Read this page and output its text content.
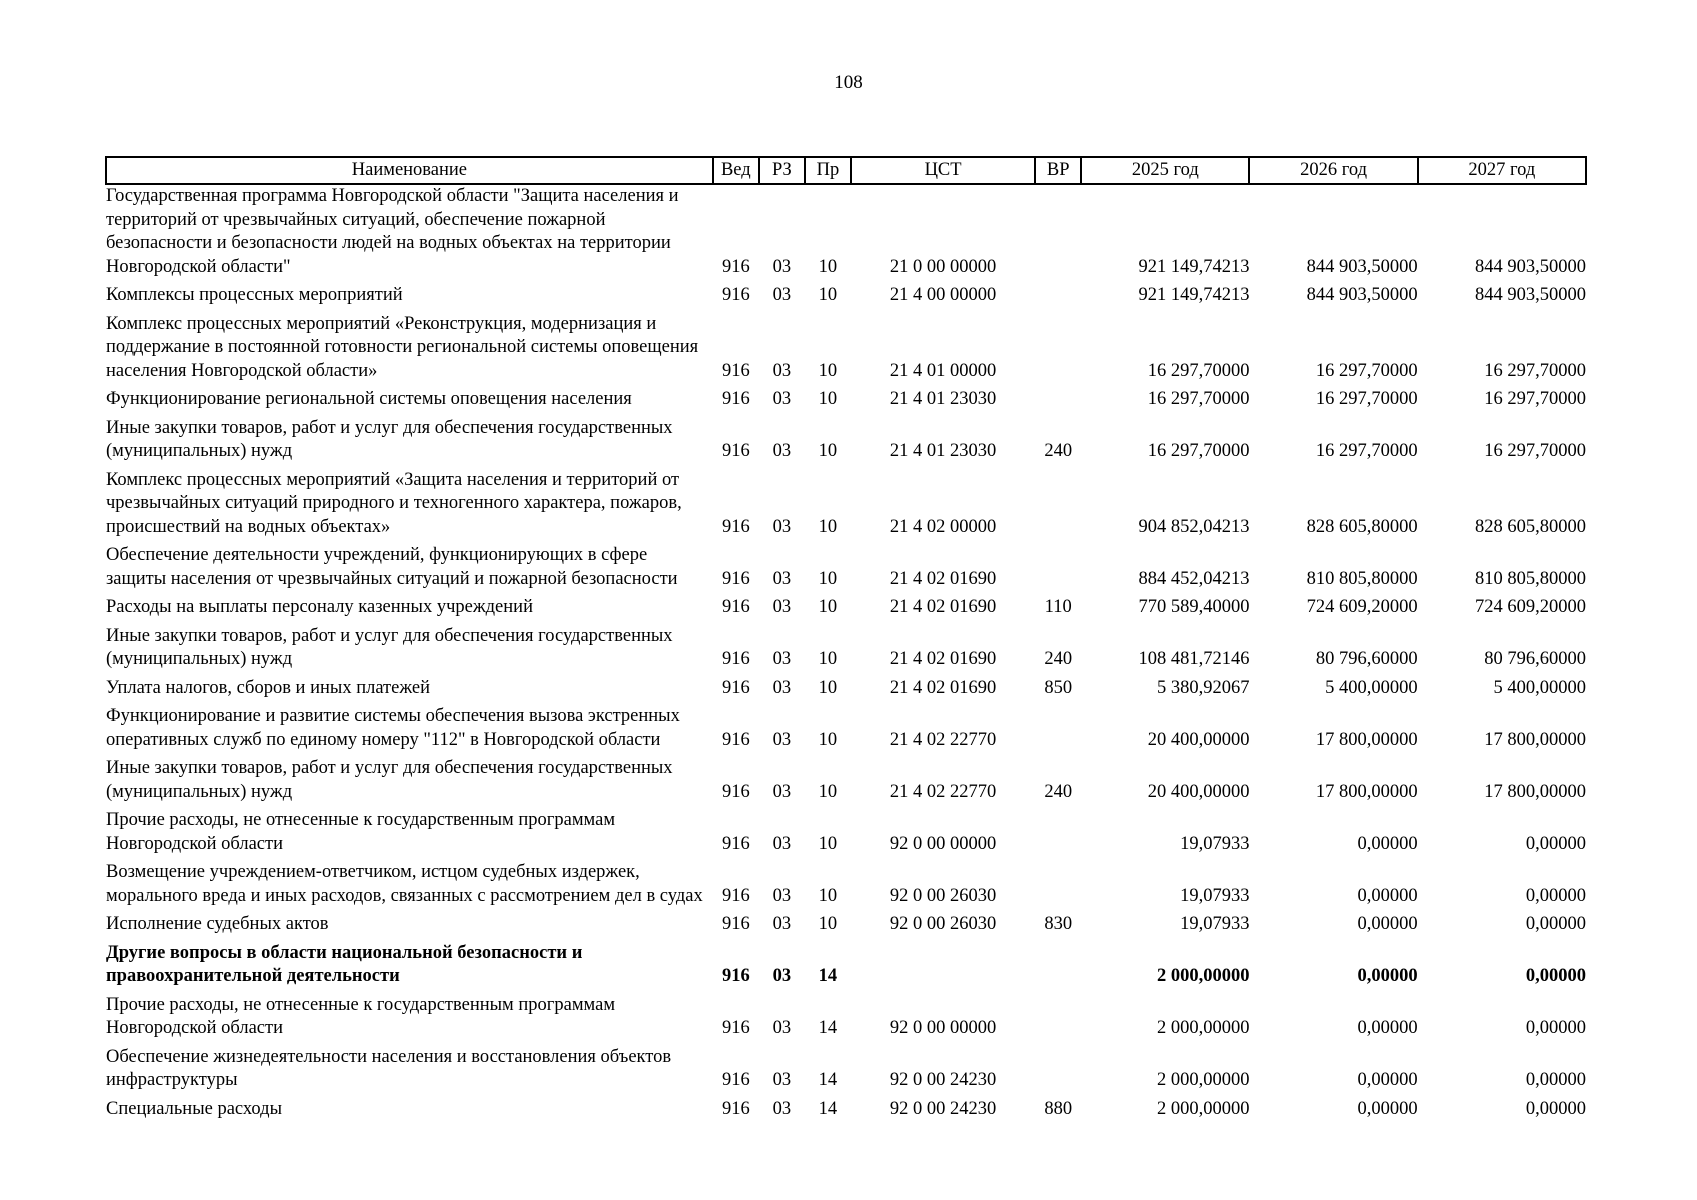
108
Наименование	Вед	РЗ	Пр	ЦСТ	ВР	2025 год	2026 год	2027 год
Государственная программа Новгородской области "Защита населения и территорий от чрезвычайных ситуаций, обеспечение пожарной безопасности и безопасности людей на водных объектах на территории Новгородской области"	916	03	10	21 0 00 00000		921 149,74213	844 903,50000	844 903,50000
Комплексы процессных мероприятий	916	03	10	21 4 00 00000		921 149,74213	844 903,50000	844 903,50000
Комплекс процессных мероприятий «Реконструкция, модернизация и поддержание в постоянной готовности региональной системы оповещения населения Новгородской области»	916	03	10	21 4 01 00000		16 297,70000	16 297,70000	16 297,70000
Функционирование региональной системы оповещения населения	916	03	10	21 4 01 23030		16 297,70000	16 297,70000	16 297,70000
Иные закупки товаров, работ и услуг для обеспечения государственных (муниципальных) нужд	916	03	10	21 4 01 23030	240	16 297,70000	16 297,70000	16 297,70000
Комплекс процессных мероприятий «Защита населения и территорий от чрезвычайных ситуаций природного и техногенного характера, пожаров, происшествий на водных объектах»	916	03	10	21 4 02 00000		904 852,04213	828 605,80000	828 605,80000
Обеспечение деятельности учреждений, функционирующих в сфере защиты населения от чрезвычайных ситуаций и пожарной безопасности	916	03	10	21 4 02 01690		884 452,04213	810 805,80000	810 805,80000
Расходы на выплаты персоналу казенных учреждений	916	03	10	21 4 02 01690	110	770 589,40000	724 609,20000	724 609,20000
Иные закупки товаров, работ и услуг для обеспечения государственных (муниципальных) нужд	916	03	10	21 4 02 01690	240	108 481,72146	80 796,60000	80 796,60000
Уплата налогов, сборов и иных платежей	916	03	10	21 4 02 01690	850	5 380,92067	5 400,00000	5 400,00000
Функционирование и развитие системы обеспечения вызова экстренных оперативных служб по единому номеру "112" в Новгородской области	916	03	10	21 4 02 22770		20 400,00000	17 800,00000	17 800,00000
Иные закупки товаров, работ и услуг для обеспечения государственных (муниципальных) нужд	916	03	10	21 4 02 22770	240	20 400,00000	17 800,00000	17 800,00000
Прочие расходы, не отнесенные к государственным программам Новгородской области	916	03	10	92 0 00 00000		19,07933	0,00000	0,00000
Возмещение учреждением-ответчиком, истцом судебных издержек, морального вреда и иных расходов, связанных с рассмотрением дел в судах	916	03	10	92 0 00 26030		19,07933	0,00000	0,00000
Исполнение судебных актов	916	03	10	92 0 00 26030	830	19,07933	0,00000	0,00000
Другие вопросы в области национальной безопасности и правоохранительной деятельности	916	03	14			2 000,00000	0,00000	0,00000
Прочие расходы, не отнесенные к государственным программам Новгородской области	916	03	14	92 0 00 00000		2 000,00000	0,00000	0,00000
Обеспечение жизнедеятельности населения и восстановления объектов инфраструктуры	916	03	14	92 0 00 24230		2 000,00000	0,00000	0,00000
Специальные расходы	916	03	14	92 0 00 24230	880	2 000,00000	0,00000	0,00000
